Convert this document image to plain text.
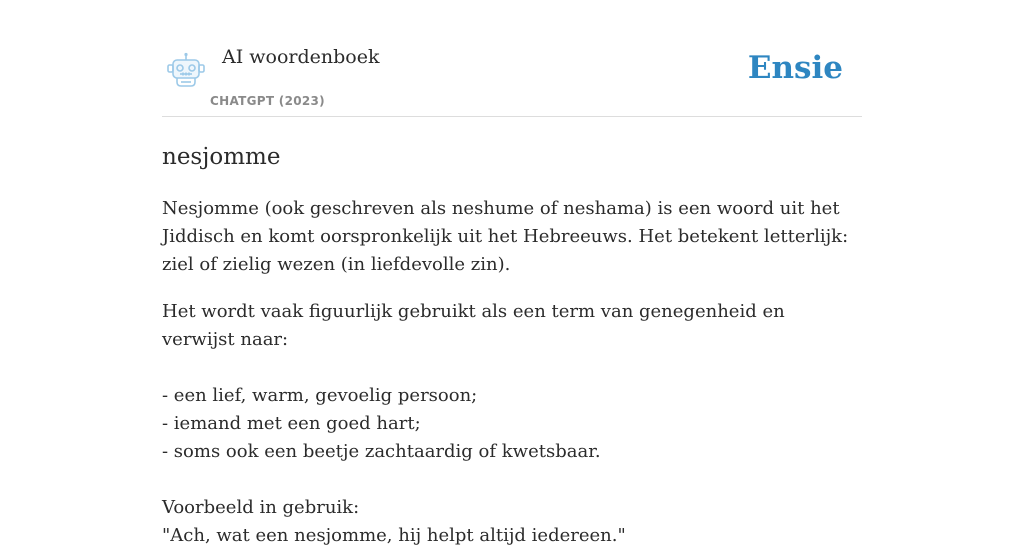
AI woordenboek
CHATGPT (2023)
Ensie
nesjomme

Nesjomme (ook geschreven als neshume of neshama) is een woord uit het Jiddisch en komt oorspronkelijk uit het Hebreeuws. Het betekent letterlijk: ziel of zielig wezen (in liefdevolle zin).

Het wordt vaak figuurlijk gebruikt als een term van genegenheid en verwijst naar:

- een lief, warm, gevoelig persoon;
- iemand met een goed hart;
- soms ook een beetje zachtaardig of kwetsbaar.
Voorbeeld in gebruik:
"Ach, wat een nesjomme, hij helpt altijd iedereen."
